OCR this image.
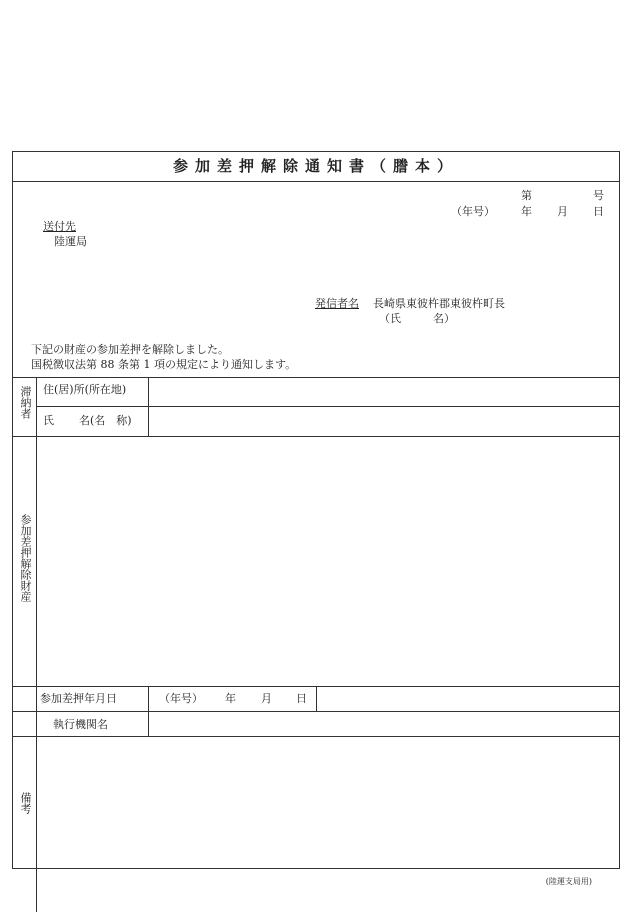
参加差押解除通知書（謄本）
第	号
（年号） 年 月 日
送付先
陸運局
発信者名 長崎県東彼杵郡東彼杵町長
（氏	名）
下記の財産の参加差押を解除しました。
国税徴収法第 88 条第 1 項の規定により通知します。
滞納者 住(居)所(所在地)
氏 名(名　称)
参加差押解除財産
参加差押年月日	（年号） 年 月 日
執行機関名
備考
(陸運支局用)
